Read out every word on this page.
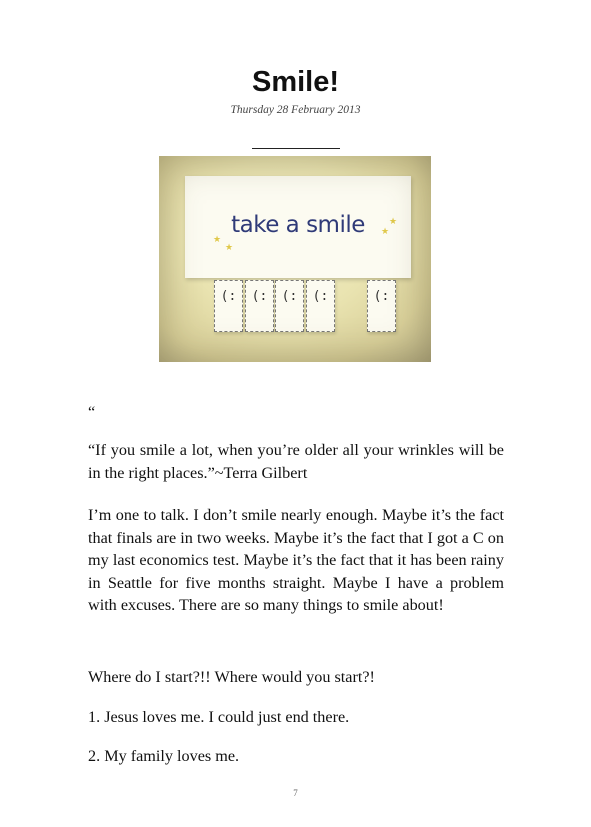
Smile!
Thursday 28 February 2013
★
★
★
★
take a smile
(:	(:	(:	(:	(:
“
“If you smile a lot, when you’re older all your wrinkles will be in the right places.”~Terra Gilbert
I’m one to talk. I don’t smile nearly enough. Maybe it’s the fact that finals are in two weeks. Maybe it’s the fact that I got a C on my last economics test. Maybe it’s the fact that it has been rainy in Seattle for five months straight. Maybe I have a problem with excuses. There are so many things to smile about!
Where do I start?!! Where would you start?!
1. Jesus loves me. I could just end there.
2. My family loves me.
7
